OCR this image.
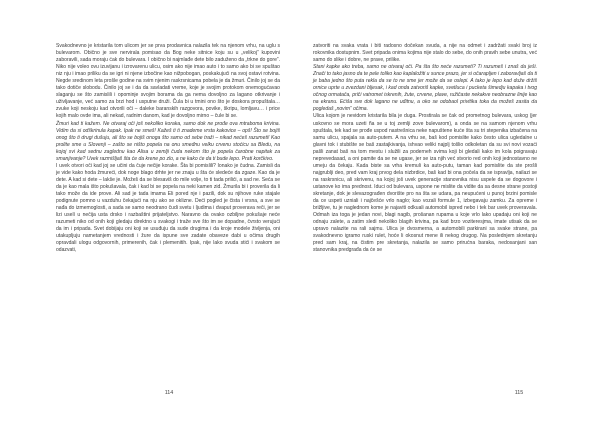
Svakodnevno je kristarila tom ulicom jer se prva prodavnica nalazila tek na njenom vrhu, na uglu s bulevarom. Obično je sve nervirala pomisao da Bog neke sitnice koju su u „velikoj“ kupovini zaboravili, sada moraju ćak do bulevara. I obično bi najmlađe dete bilo zaduženo da „trkne do gore“. Niko nije voleo ovu izuvijanu i izrovarenu ulicu, osim ako nije imao auto i to samo ako bi se spuštao niz nju i imao priliku da se igri ni njene izbočine kao nižpobogan, poskakujući na svoj ostavi rotvina. Negde sredinom leta prošle godine na svim njenim raskrsnicama pobela je da žmuri. Činilo joj se da tako dotiče slobodu. Činilo joj se i da da savladati vreme, koje je svojim protokom onemogućavao slaganju se što zamislili i opominje svojim borama da ga nema dovoljno za lagano otkrivanje i uživljavanje, već samo za brzi hod i usputne druži. Čula bi u tmini ono što je doskora propuštala… zvuke koji neskoju kad otvorili oči – daleke baranskih razgovora, povike, škripu, lomljavu… i price kojih malo ovde ima, ali nekad, radnim danom, kad je dovoljno mirno – čule bi se.

Žmuri kad ti kažem. Ne otvaraj oči još nekoliko koraka, samo dok ne prođe ova mtraboma krivina. Vidim da si odškrinula kapak. Ipak ne smeš! Kažeš ti ti znademe vrsta kakovice – opš! Što se bojiš onog što ti drugi dušuju, ali što se bojiš onoga što samo od sebe traži – nikad nećeš razumeti! Kao prolite sme u Slovenji – zašto se ništo popela na onu smeđnu velku crvenu stoćicu sa Bledu, na kojoj svi kad sednu zaglednu kao Alisa u zemlji čuda nekom što je popela čarobne napitak za smanjivanje? Uvek razmišljaš šta će da krene po zlo, a ne kako će da ti bude lepo. Prati korčkivo.

I uvek otvori oči kad joj se učini da čuje nečije korake. Šta bi pomislili? Ionako je čudna. Zamisli da je vide kako hoda žmureći, dok noge blago drhte jer ne znaju u šta će sledeće da zgaze. Kao da je dete. A kad si dete – lakše je. Možeš da se blesaviš do mile volje, to ti tada prilići, a sad ne. Seća se da je kao mala išto pokušavala, čak i kad bi se popela na neki kamen zid. Žmurila bi i proverila da li tako može da ide prove. Ali sad je tada imama Eli pored nje i pazili, dok su njihove ruke stajale podignute pomno u vazduhu čekajući na nju ako se okliznе. Deći pogled je čista i vrsna, a sve se nađa do izmemoglosti, a sada se samo neodrano čudi svetu i ljudima i dvaput proverava reči, jer se lizi uselí u nečija usta drsko i razbaštini prijateljstvo. Naravno da ovako ozbiljne pokušaje neće razumeti niko od onih koji gledaju direktno u svakogi i traže sve što im se dopadne, čvrsto verujući da im i pripada. Svet dobijaju oni koji se usuđuju da sude drugima i da kroje modele življenja, oni utakupljuju nametanjem vrednosti i žure da ispune sve zadate obaveze dabi u očima drugih opravdali ulogu odgovornih, primerenih, čak i plemenitih. Ipak, nije lako svuda stići i svakom se odazvati,

114

zatvoriti na svaka vrata i biti radosno dočekan svuda, a nije na odmet i zadržati svaki broj iz rokovnika dostupnim. Svet pripada onima kojima nije stalo do sebe, do onih pravih sebe unutra, već samo do slike i dobre, ne prave, prilike.

Stani kapke ako treba, samo ne otvaraj oči. Pa šta što neće razumeti? Ti razumeš i znaš da ješi. Znači to tako jasno da te pele toliko kao kaplaložiti u sunce prazo, jer si očarapljen i zaboravlјaš da ti je baba jedno što puta rekla da se to ne sme jer može da se oslepi. A tako je lepo kad duže držiš ornice uprte u zvezdani bljesak, i kad onda zatvoriš kapke, svetluca i pucketa šimedju kapaka i tvog očnog ormatača, priči vatromet iskrenih, žute, crvene, plave, ružičaste nekakve neobrazne linije kao na ekranu. Ećiša sve dok lagano ne uđitnu, a oko se odobaol privitika toka da možeš zasita da pogledaš „novim“ očima.

Ulica kojom je nevidom kristarila bila je duga. Prostirala se čak od prometnog bulevara, uskog (jer uskovno se mora uzeti ña se u toj zemlji zove bulevarom), a onda se na samom njenom vrhu spuštala, tek kad se prođe uspod nastrešnica neke napuštene kuće šta su tri stepenika izbačena na samu ulicu, spajala sa auto-putem. A na vrhu se, baš kod pomislite kako često ulica ugledalne u glavni tok i stubište se baš zastajkivanja, ishvao veliki najplj tošlio odkoletan da su svi novi vozaći pašli zanat baš na tom mestu i služili za poderneh svima koji bi gledali kako im kola poigravaju neprevedasad, a oni pamite da se ne ugase, jer se iza njih već stvorio red onih koji jednostavno ne umeju da čekaju. Kada biste sa vrha kremuli ka auto-putu, taman kad pomislite da ste prošli najgrublji deo, pred vam kraj prvog dela nizbrdice, baš kad bi ona počela da se ispravlja, nailazi se na raskrsnicu, ali skrivenu, na kojoj još uvek generacije stanovnika nisu uspele da se dogovore i ustanove ko ima prednost. Iduci od bulevara, uspone ne mislite da vidite da sa desne strane postoji skretanje, dok je slevazograđen dvorište pro na šta se udara, pa neupućeni u punoj brzini pomisle da ce uspeti uzniali i najčešće vrlo naglo; kao vozali formule 1, izbegavaju zamku. Za opreme i brižljive, tu je naglednom kome je najaviti odkuali automobil ispred nebo i tek bar uvek proveravala. Odmah iza toga je jedan novi, blagi nagib, prošanan rupama u koje vrlo lako upadaju oni koji ne odnaju zalete, a zatim sledi nekoliko blagih krivina, pa kad brzo voziteresjma, imate utisak da se upravo nalazite na rali sajmu. Ulica je dvosmerna, a automobili parkirani sa svake strane, pa svakodnevno igramo ruski rulet, hoće li okosnut mene ili nekog drugog. Na poslednjem skretanju pred sam kraj, na čistim pre skretanja, nalazila se samo prirućna baraka, nedosanjani san stanovnika predgrađa da će se

115
